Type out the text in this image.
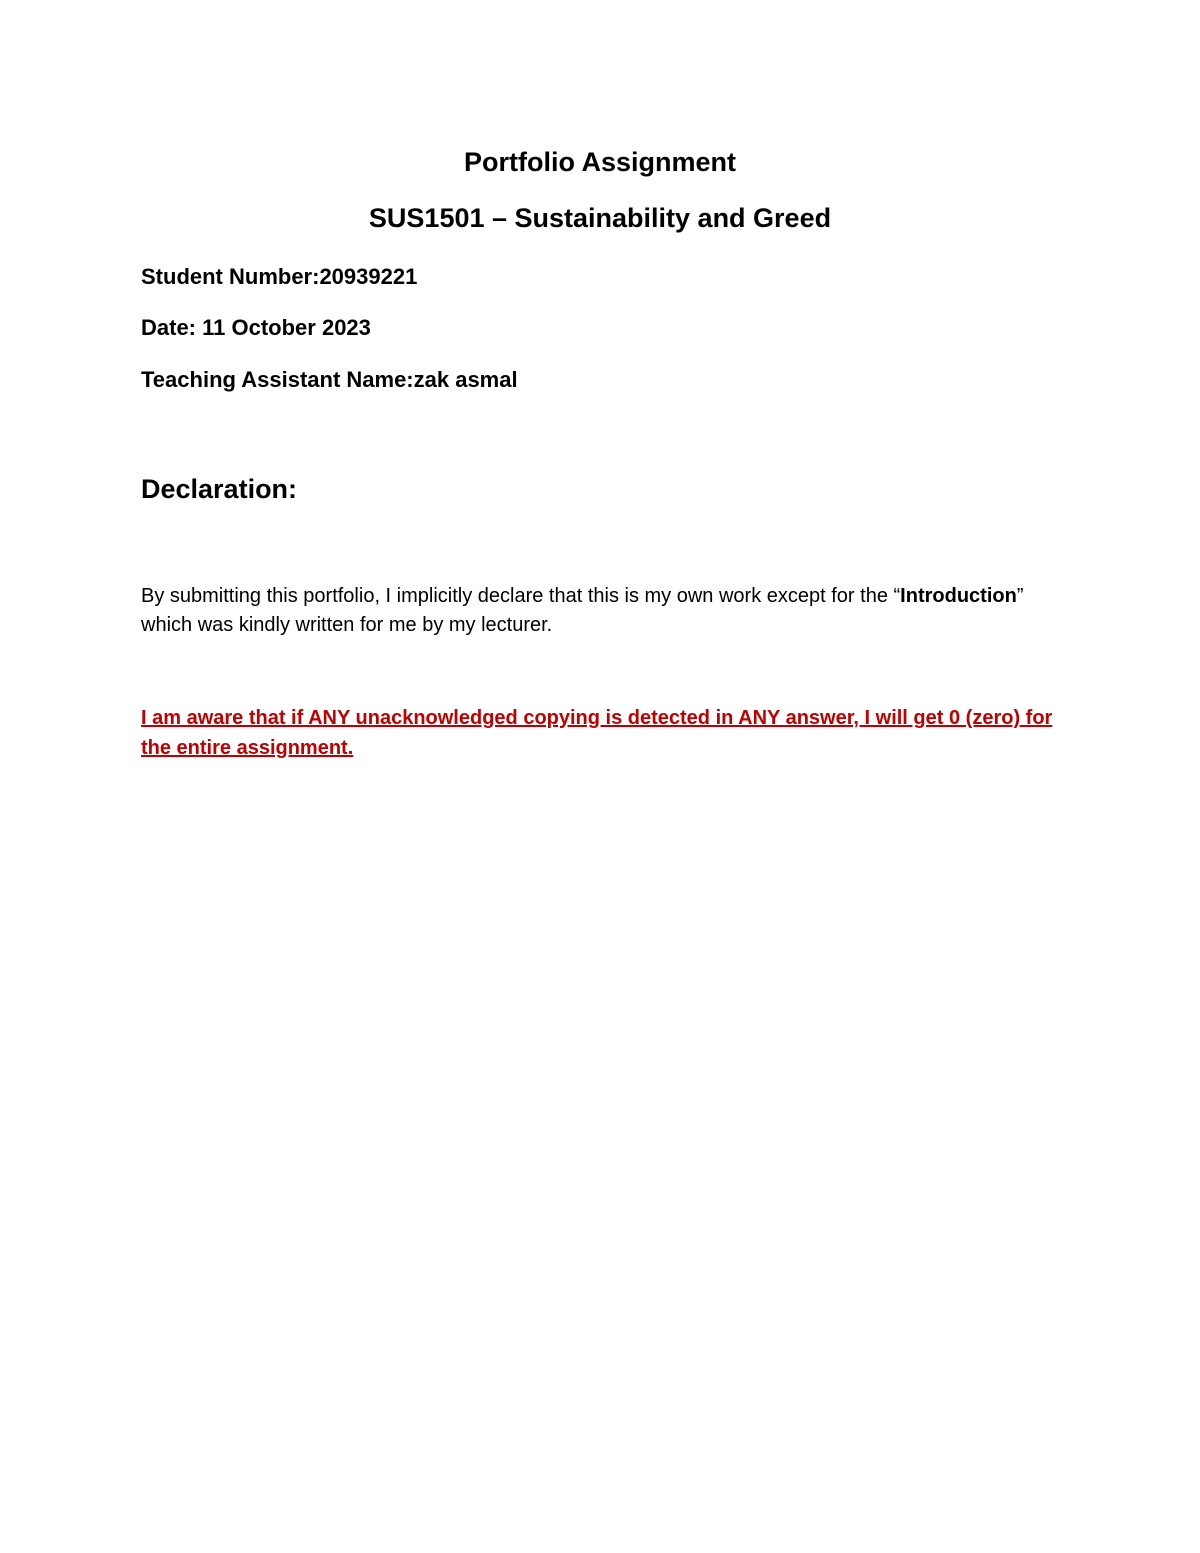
Portfolio Assignment
SUS1501 – Sustainability and Greed
Student Number:20939221
Date: 11 October 2023
Teaching Assistant Name:zak asmal
Declaration:
By submitting this portfolio, I implicitly declare that this is my own work except for the “Introduction” which was kindly written for me by my lecturer.
I am aware that if ANY unacknowledged copying is detected in ANY answer, I will get 0 (zero) for the entire assignment.
